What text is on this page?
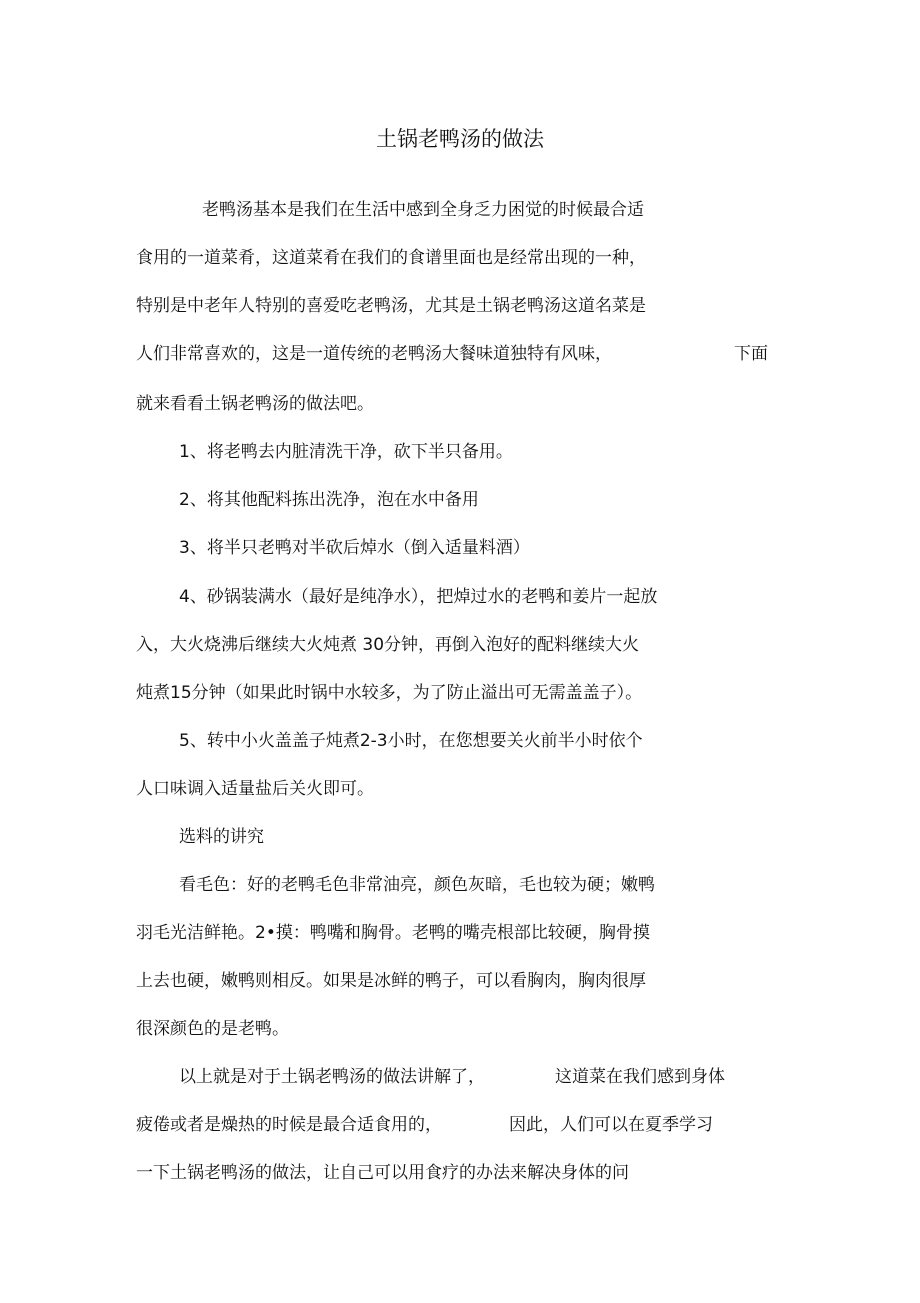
土锅老鸭汤的做法
老鸭汤基本是我们在生活中感到全身乏力困觉的时候最合适
食用的一道菜肴，这道菜肴在我们的食谱里面也是经常出现的一种，
特别是中老年人特别的喜爱吃老鸭汤，尤其是土锅老鸭汤这道名菜是
人们非常喜欢的，这是一道传统的老鸭汤大餐味道独特有风味，	下面
就来看看土锅老鸭汤的做法吧。
1、将老鸭去内脏清洗干净，砍下半只备用。
2、将其他配料拣出洗净，泡在水中备用
3、将半只老鸭对半砍后焯水（倒入适量料酒）
4、砂锅装满水（最好是纯净水），把焯过水的老鸭和姜片一起放
入，大火烧沸后继续大火炖煮 30分钟，再倒入泡好的配料继续大火
炖煮15分钟（如果此时锅中水较多，为了防止溢出可无需盖盖子）。
5、转中小火盖盖子炖煮2-3小时，在您想要关火前半小时依个
人口味调入适量盐后关火即可。
选料的讲究
看毛色：好的老鸭毛色非常油亮，颜色灰暗，毛也较为硬；嫩鸭
羽毛光洁鲜艳。2•摸：鸭嘴和胸骨。老鸭的嘴壳根部比较硬，胸骨摸
上去也硬，嫩鸭则相反。如果是冰鲜的鸭子，可以看胸肉，胸肉很厚
很深颜色的是老鸭。
以上就是对于土锅老鸭汤的做法讲解了，	这道菜在我们感到身体
疲倦或者是燥热的时候是最合适食用的，	因此，人们可以在夏季学习
一下土锅老鸭汤的做法，让自己可以用食疗的办法来解决身体的问
